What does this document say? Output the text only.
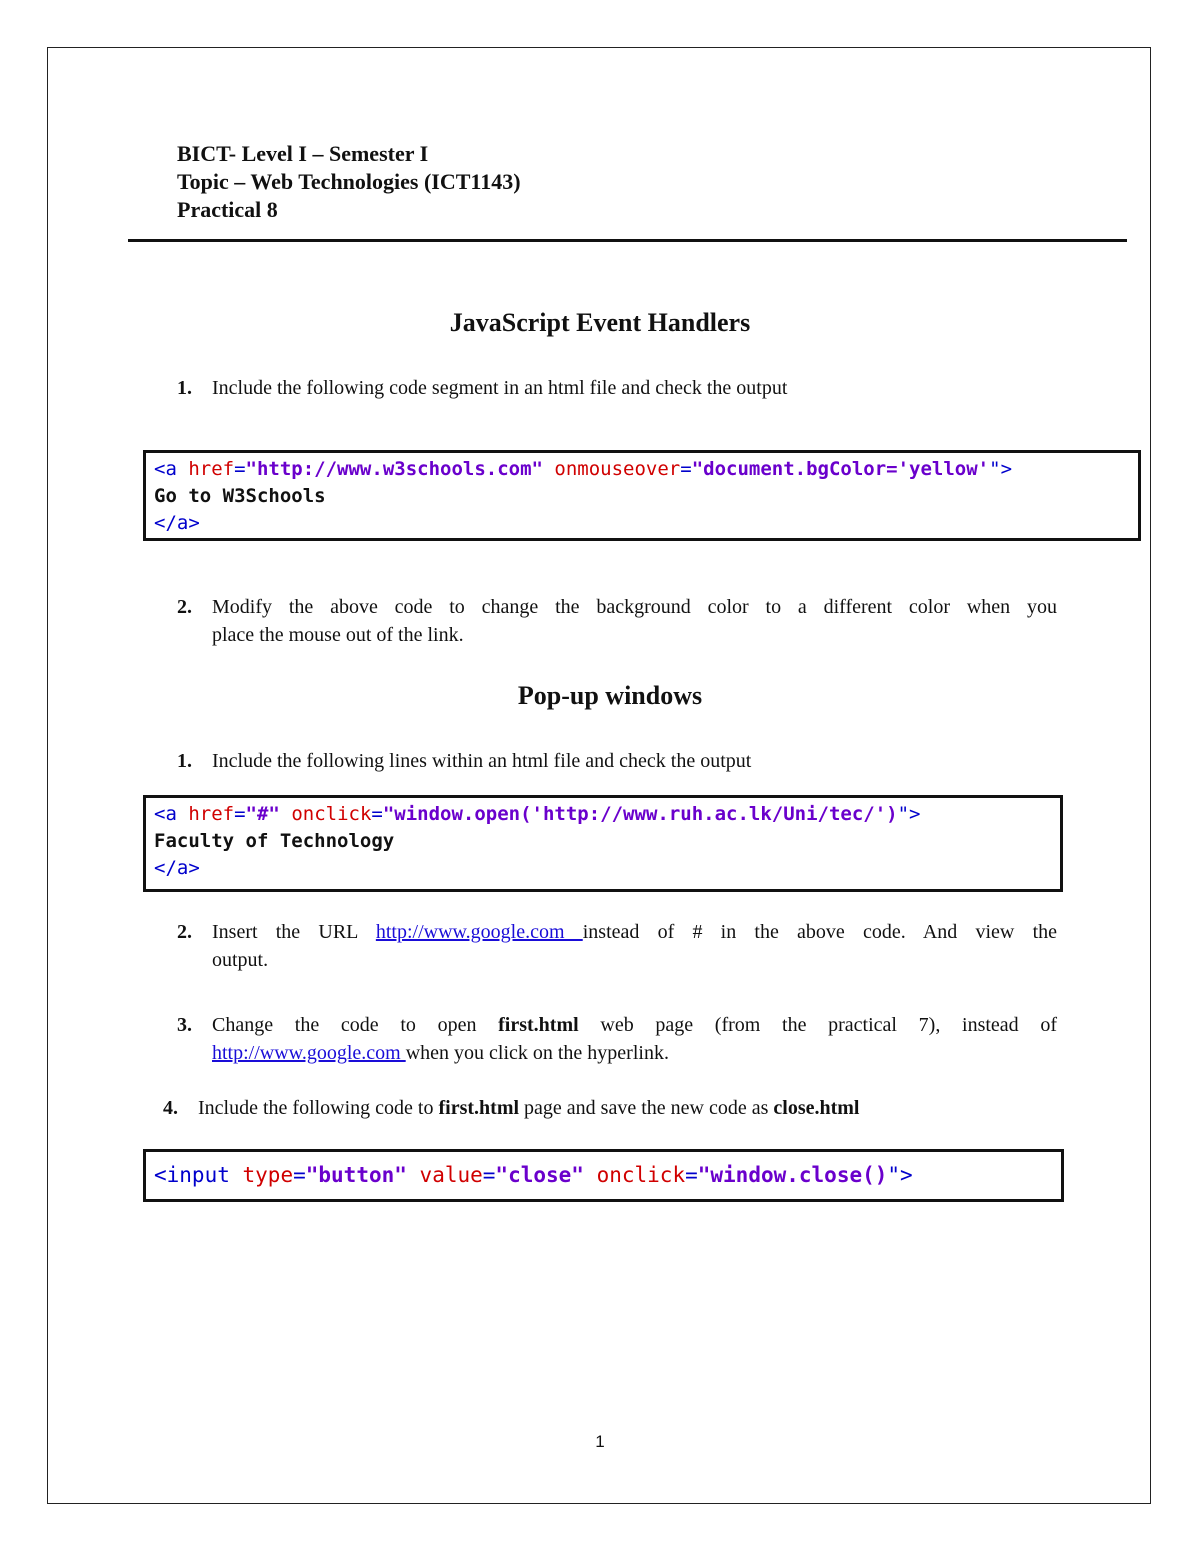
BICT- Level I – Semester I
Topic – Web Technologies (ICT1143)
Practical 8
JavaScript Event Handlers
1. Include the following code segment in an html file and check the output
<a href="http://www.w3schools.com" onmouseover="document.bgColor='yellow'">
Go to W3Schools
</a>
2. Modify the above code to change the background color to a different color when you
place the mouse out of the link.
Pop-up windows
1. Include the following lines within an html file and check the output
<a href="#" onclick="window.open('http://www.ruh.ac.lk/Uni/tec/')">
Faculty of Technology
</a>
2. Insert the URL http://www.google.com instead of # in the above code. And view the
output.
3. Change the code to open first.html web page (from the practical 7), instead of
http://www.google.com when you click on the hyperlink.
4. Include the following code to first.html page and save the new code as close.html
<input type="button" value="close" onclick="window.close()">
1
